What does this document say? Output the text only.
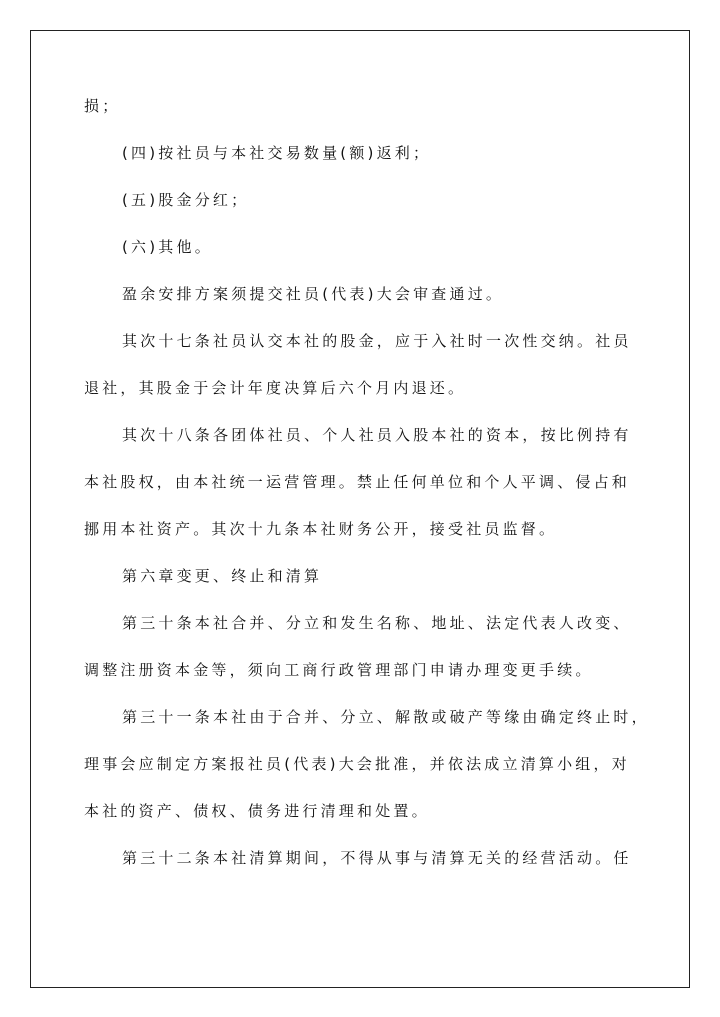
损；
(四)按社员与本社交易数量(额)返利；
(五)股金分红；
(六)其他。
盈余安排方案须提交社员(代表)大会审查通过。
其次十七条社员认交本社的股金，应于入社时一次性交纳。社员
退社，其股金于会计年度决算后六个月内退还。
其次十八条各团体社员、个人社员入股本社的资本，按比例持有
本社股权，由本社统一运营管理。禁止任何单位和个人平调、侵占和
挪用本社资产。其次十九条本社财务公开，接受社员监督。
第六章变更、终止和清算
第三十条本社合并、分立和发生名称、地址、法定代表人改变、
调整注册资本金等，须向工商行政管理部门申请办理变更手续。
第三十一条本社由于合并、分立、解散或破产等缘由确定终止时，
理事会应制定方案报社员(代表)大会批准，并依法成立清算小组，对
本社的资产、债权、债务进行清理和处置。
第三十二条本社清算期间，不得从事与清算无关的经营活动。任
